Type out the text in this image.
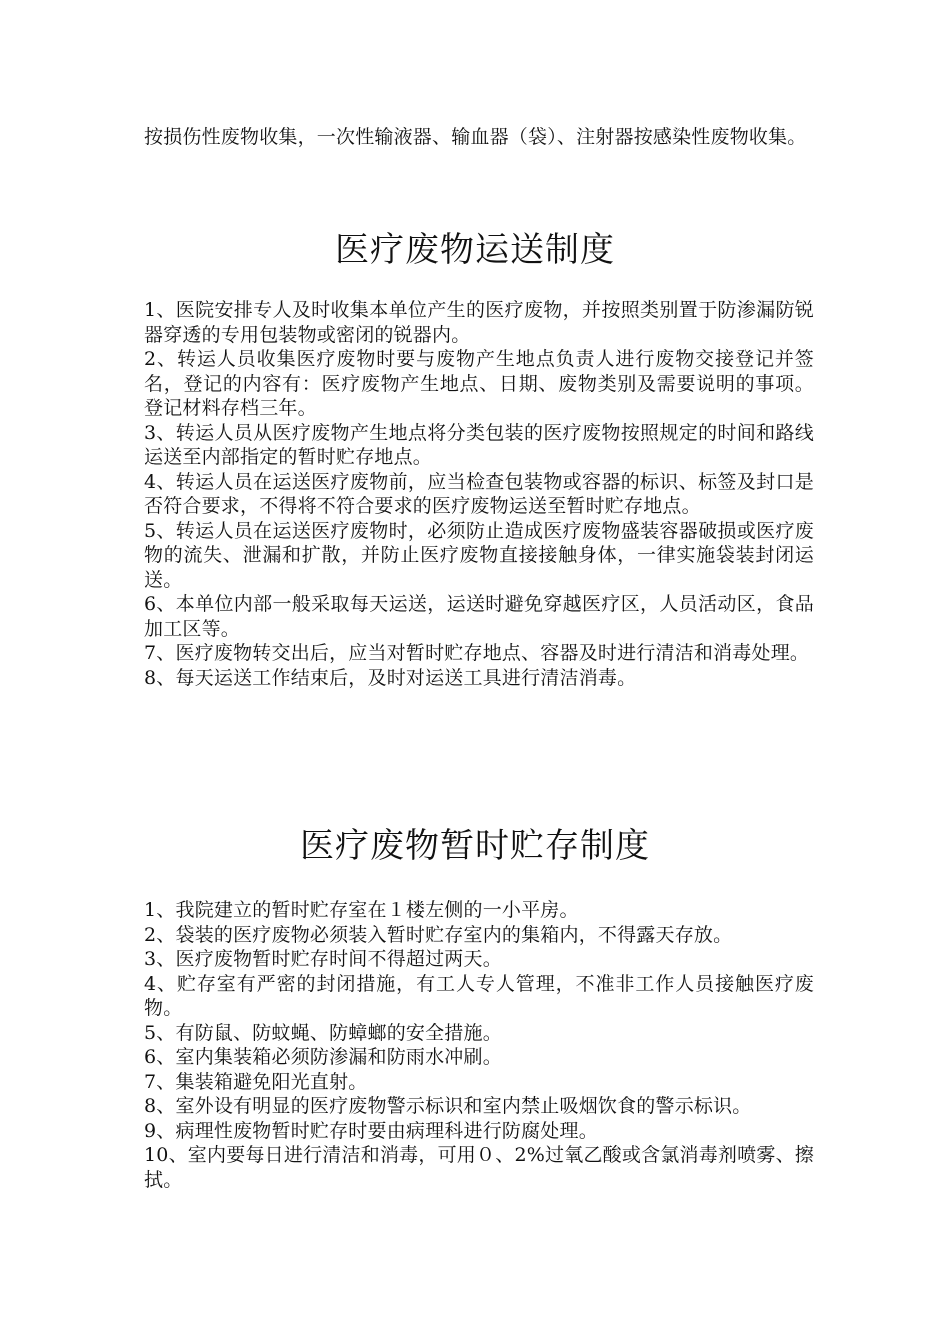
按损伤性废物收集，一次性输液器、输血器（袋）、注射器按感染性废物收集。

医疗废物运送制度

1、医院安排专人及时收集本单位产生的医疗废物，并按照类别置于防渗漏防锐器穿透的专用包装物或密闭的锐器内。

2、转运人员收集医疗废物时要与废物产生地点负责人进行废物交接登记并签名，登记的内容有：医疗废物产生地点、日期、废物类别及需要说明的事项。登记材料存档三年。

3、转运人员从医疗废物产生地点将分类包装的医疗废物按照规定的时间和路线运送至内部指定的暂时贮存地点。

4、转运人员在运送医疗废物前，应当检查包装物或容器的标识、标签及封口是否符合要求，不得将不符合要求的医疗废物运送至暂时贮存地点。

5、转运人员在运送医疗废物时，必须防止造成医疗废物盛装容器破损或医疗废物的流失、泄漏和扩散，并防止医疗废物直接接触身体，一律实施袋装封闭运送。

6、本单位内部一般采取每天运送，运送时避免穿越医疗区，人员活动区，食品加工区等。

7、医疗废物转交出后，应当对暂时贮存地点、容器及时进行清洁和消毒处理。

8、每天运送工作结束后，及时对运送工具进行清洁消毒。

医疗废物暂时贮存制度

1、我院建立的暂时贮存室在１楼左侧的一小平房。

2、袋装的医疗废物必须装入暂时贮存室内的集箱内，不得露天存放。

3、医疗废物暂时贮存时间不得超过两天。

4、贮存室有严密的封闭措施，有工人专人管理，不准非工作人员接触医疗废物。

5、有防鼠、防蚊蝇、防蟑螂的安全措施。

6、室内集装箱必须防渗漏和防雨水冲刷。

7、集装箱避免阳光直射。

8、室外设有明显的医疗废物警示标识和室内禁止吸烟饮食的警示标识。

9、病理性废物暂时贮存时要由病理科进行防腐处理。

10、室内要每日进行清洁和消毒，可用０、2%过氧乙酸或含氯消毒剂喷雾、擦拭。
